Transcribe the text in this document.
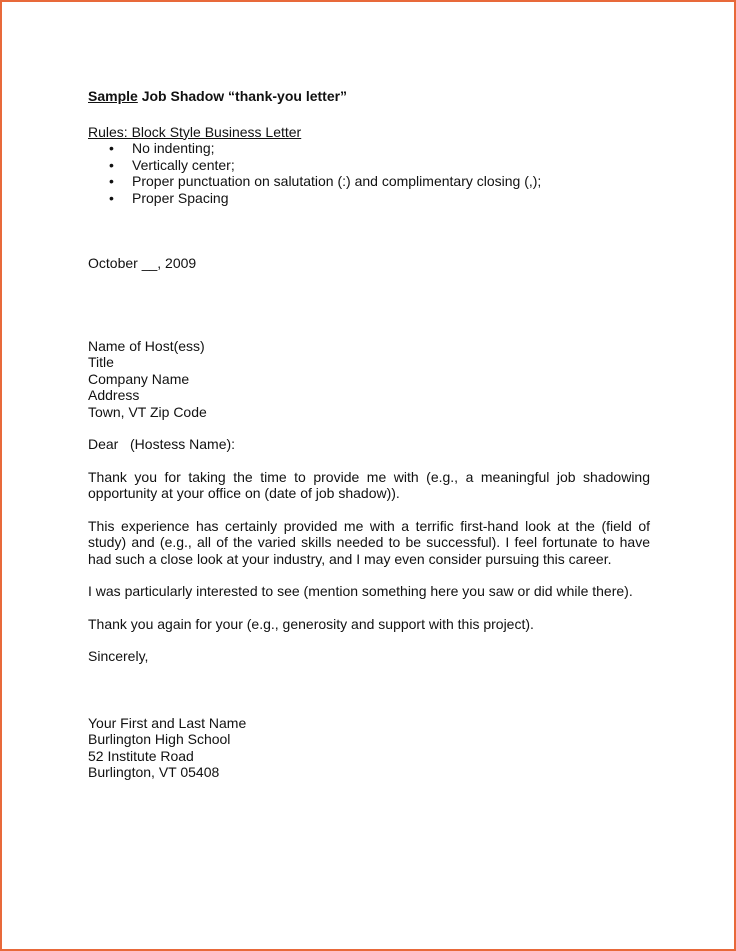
Sample Job Shadow “thank-you letter”

Rules: Block Style Business Letter
• No indenting;
• Vertically center;
• Proper punctuation on salutation (:) and complimentary closing (,);
• Proper Spacing
October __, 2009
Name of Host(ess)
Title
Company Name
Address
Town, VT Zip Code
Dear   (Hostess Name):
Thank you for taking the time to provide me with (e.g., a meaningful job shadowing opportunity at your office on (date of job shadow)).
This experience has certainly provided me with a terrific first-hand look at the (field of study) and (e.g., all of the varied skills needed to be successful). I feel fortunate to have had such a close look at your industry, and I may even consider pursuing this career.
I was particularly interested to see (mention something here you saw or did while there).
Thank you again for your (e.g., generosity and support with this project).
Sincerely,
Your First and Last Name
Burlington High School
52 Institute Road
Burlington, VT 05408
